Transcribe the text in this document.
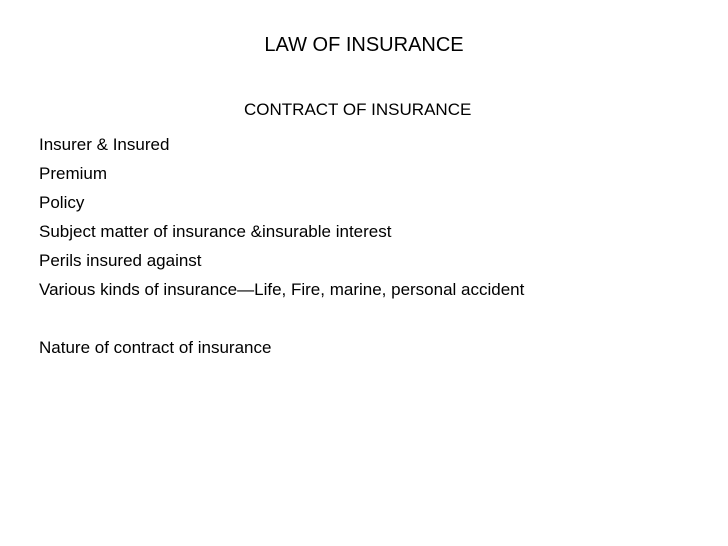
LAW OF INSURANCE
CONTRACT OF INSURANCE
Insurer & Insured
Premium
Policy
Subject matter of insurance &insurable interest
Perils insured against
Various kinds of insurance—Life, Fire, marine, personal accident
Nature of contract of insurance
